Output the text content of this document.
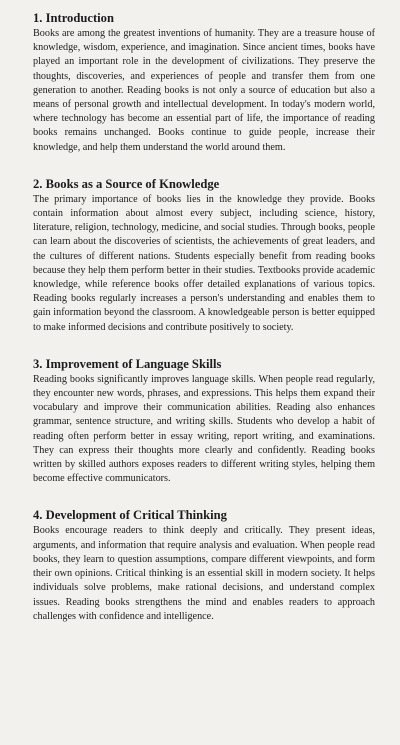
1. Introduction

Books are among the greatest inventions of humanity. They are a treasure house of knowledge, wisdom, experience, and imagination. Since ancient times, books have played an important role in the development of civilizations. They preserve the thoughts, discoveries, and experiences of people and transfer them from one generation to another. Reading books is not only a source of education but also a means of personal growth and intellectual development. In today's modern world, where technology has become an essential part of life, the importance of reading books remains unchanged. Books continue to guide people, increase their knowledge, and help them understand the world around them.

2. Books as a Source of Knowledge

The primary importance of books lies in the knowledge they provide. Books contain information about almost every subject, including science, history, literature, religion, technology, medicine, and social studies. Through books, people can learn about the discoveries of scientists, the achievements of great leaders, and the cultures of different nations. Students especially benefit from reading books because they help them perform better in their studies. Textbooks provide academic knowledge, while reference books offer detailed explanations of various topics. Reading books regularly increases a person's understanding and enables them to gain information beyond the classroom. A knowledgeable person is better equipped to make informed decisions and contribute positively to society.

3. Improvement of Language Skills

Reading books significantly improves language skills. When people read regularly, they encounter new words, phrases, and expressions. This helps them expand their vocabulary and improve their communication abilities. Reading also enhances grammar, sentence structure, and writing skills. Students who develop a habit of reading often perform better in essay writing, report writing, and examinations. They can express their thoughts more clearly and confidently. Reading books written by skilled authors exposes readers to different writing styles, helping them become effective communicators.

4. Development of Critical Thinking

Books encourage readers to think deeply and critically. They present ideas, arguments, and information that require analysis and evaluation. When people read books, they learn to question assumptions, compare different viewpoints, and form their own opinions. Critical thinking is an essential skill in modern society. It helps individuals solve problems, make rational decisions, and understand complex issues. Reading books strengthens the mind and enables readers to approach challenges with confidence and intelligence.
